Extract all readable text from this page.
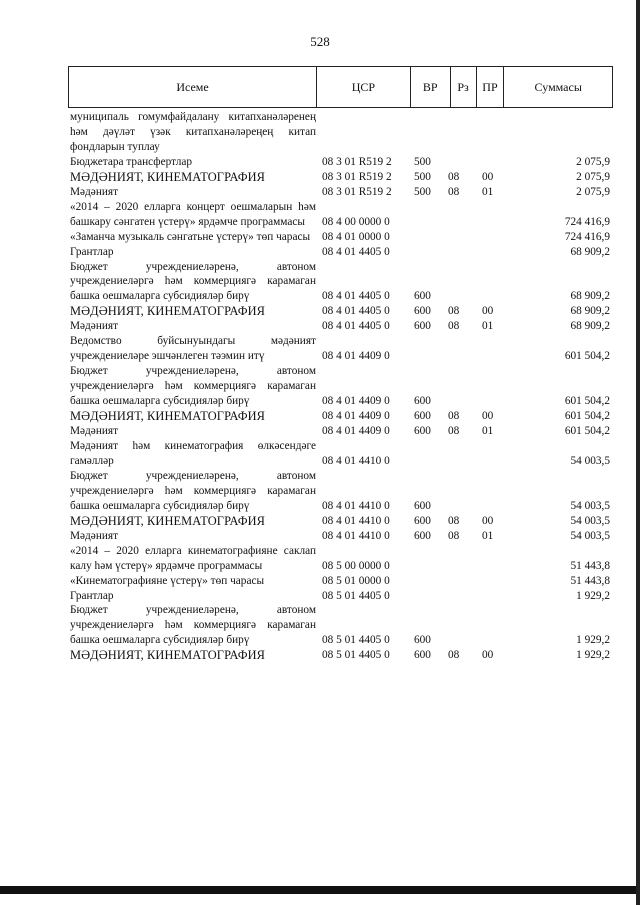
528
Исеме	ЦСР	ВР	Рз	ПР	Суммасы
муниципаль гомумфайдалану китапханәләренең һәм дәүләт үзәк китапханәләреңең китап фондларын туплау
Бюджетара трансфертлар	08 3 01 R519 2	500	2 075,9
МӘДӘНИЯТ, КИНЕМАТОГРАФИЯ	08 3 01 R519 2	500	08	00	2 075,9
Мәдәният	08 3 01 R519 2	500	08	01	2 075,9
«2014 – 2020 елларга концерт оешмаларын һәм башкару сәнгатен үстерү» ярдәмче программасы	08 4 00 0000 0	724 416,9
«Заманча музыкаль сәнгатьне үстерү» төп чарасы	08 4 01 0000 0	724 416,9
Грантлар	08 4 01 4405 0	68 909,2
Бюджет учреждениеләренә, автоном учреждениеләргә һәм коммерциягә карамаган башка оешмаларга субсидияләр бирү	08 4 01 4405 0	600	68 909,2
МӘДӘНИЯТ, КИНЕМАТОГРАФИЯ	08 4 01 4405 0	600	08	00	68 909,2
Мәдәният	08 4 01 4405 0	600	08	01	68 909,2
Ведомство буйсынуындагы мәдәният учреждениеләре эшчәнлеген тәэмин итү	08 4 01 4409 0	601 504,2
Бюджет учреждениеләренә, автоном учреждениеләргә һәм коммерциягә карамаган башка оешмаларга субсидияләр бирү	08 4 01 4409 0	600	601 504,2
МӘДӘНИЯТ, КИНЕМАТОГРАФИЯ	08 4 01 4409 0	600	08	00	601 504,2
Мәдәният	08 4 01 4409 0	600	08	01	601 504,2
Мәдәният һәм кинематография өлкәсендәге гамәлләр	08 4 01 4410 0	54 003,5
Бюджет учреждениеләренә, автоном учреждениеләргә һәм коммерциягә карамаган башка оешмаларга субсидияләр бирү	08 4 01 4410 0	600	54 003,5
МӘДӘНИЯТ, КИНЕМАТОГРАФИЯ	08 4 01 4410 0	600	08	00	54 003,5
Мәдәният	08 4 01 4410 0	600	08	01	54 003,5
«2014 – 2020 елларга кинематографияне саклап калу һәм үстерү» ярдәмче программасы	08 5 00 0000 0	51 443,8
«Кинематографияне үстерү» төп чарасы	08 5 01 0000 0	51 443,8
Грантлар	08 5 01 4405 0	1 929,2
Бюджет учреждениеләренә, автоном учреждениеләргә һәм коммерциягә карамаган башка оешмаларга субсидияләр бирү	08 5 01 4405 0	600	1 929,2
МӘДӘНИЯТ, КИНЕМАТОГРАФИЯ	08 5 01 4405 0	600	08	00	1 929,2
